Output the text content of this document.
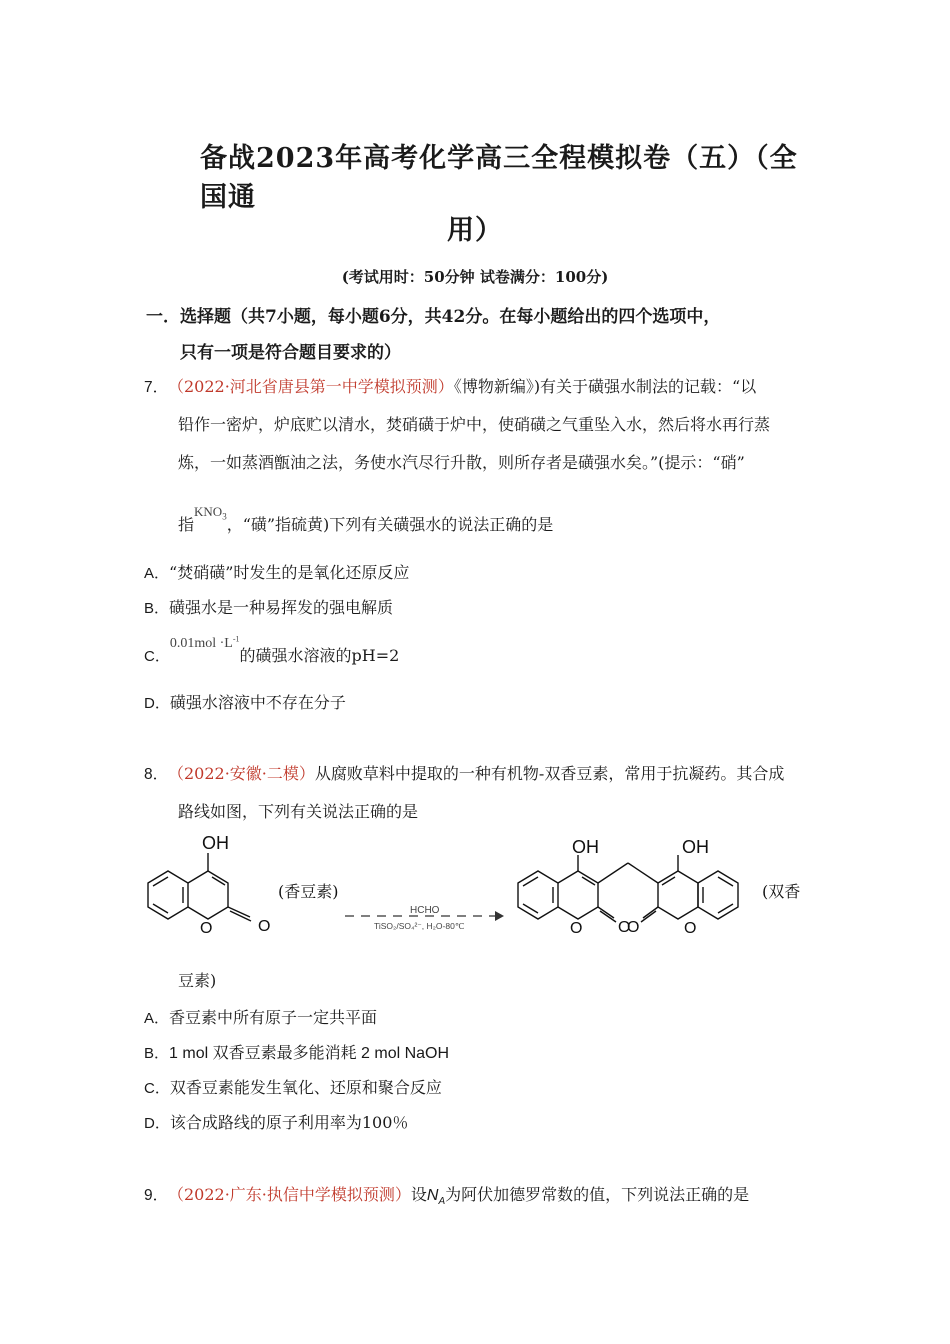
备战2023年高考化学高三全程模拟卷（五）（全国通
用）
(考试用时：50分钟 试卷满分：100分)
一．选择题（共7小题，每小题6分，共42分。在每小题给出的四个选项中，
只有一项是符合题目要求的）
7． （2022·河北省唐县第一中学模拟预测）《博物新编》)有关于磺强水制法的记载：“以
铅作一密炉，炉底贮以清水，焚硝磺于炉中，使硝磺之气重坠入水，然后将水再行蒸
炼，一如蒸酒甑油之法，务使水汽尽行升散，则所存者是磺强水矣。”(提示：“硝”
指$^{KNO_3}$，“磺”指硫黄)下列有关磺强水的说法正确的是
A．“焚硝磺”时发生的是氧化还原反应
B．磺强水是一种易挥发的强电解质
C．$0.01mol \cdot L^{-1}$的磺强水溶液的pH=2
D．磺强水溶液中不存在分子
8． （2022·安徽·二模）从腐败草料中提取的一种有机物-双香豆素，常用于抗凝药。其合成
路线如图，下列有关说法正确的是
OH
O	O
(香豆素)
HCHO
TiSO₂/SO₄²⁻, H₂O-80℃
OH	OH
O O
O	O
(双香
豆素)
A．香豆素中所有原子一定共平面
B．1 mol 双香豆素最多能消耗 2 mol NaOH
C．双香豆素能发生氧化、还原和聚合反应
D．该合成路线的原子利用率为100％
9． （2022·广东·执信中学模拟预测）设$N_A$为阿伏加德罗常数的值，下列说法正确的是
